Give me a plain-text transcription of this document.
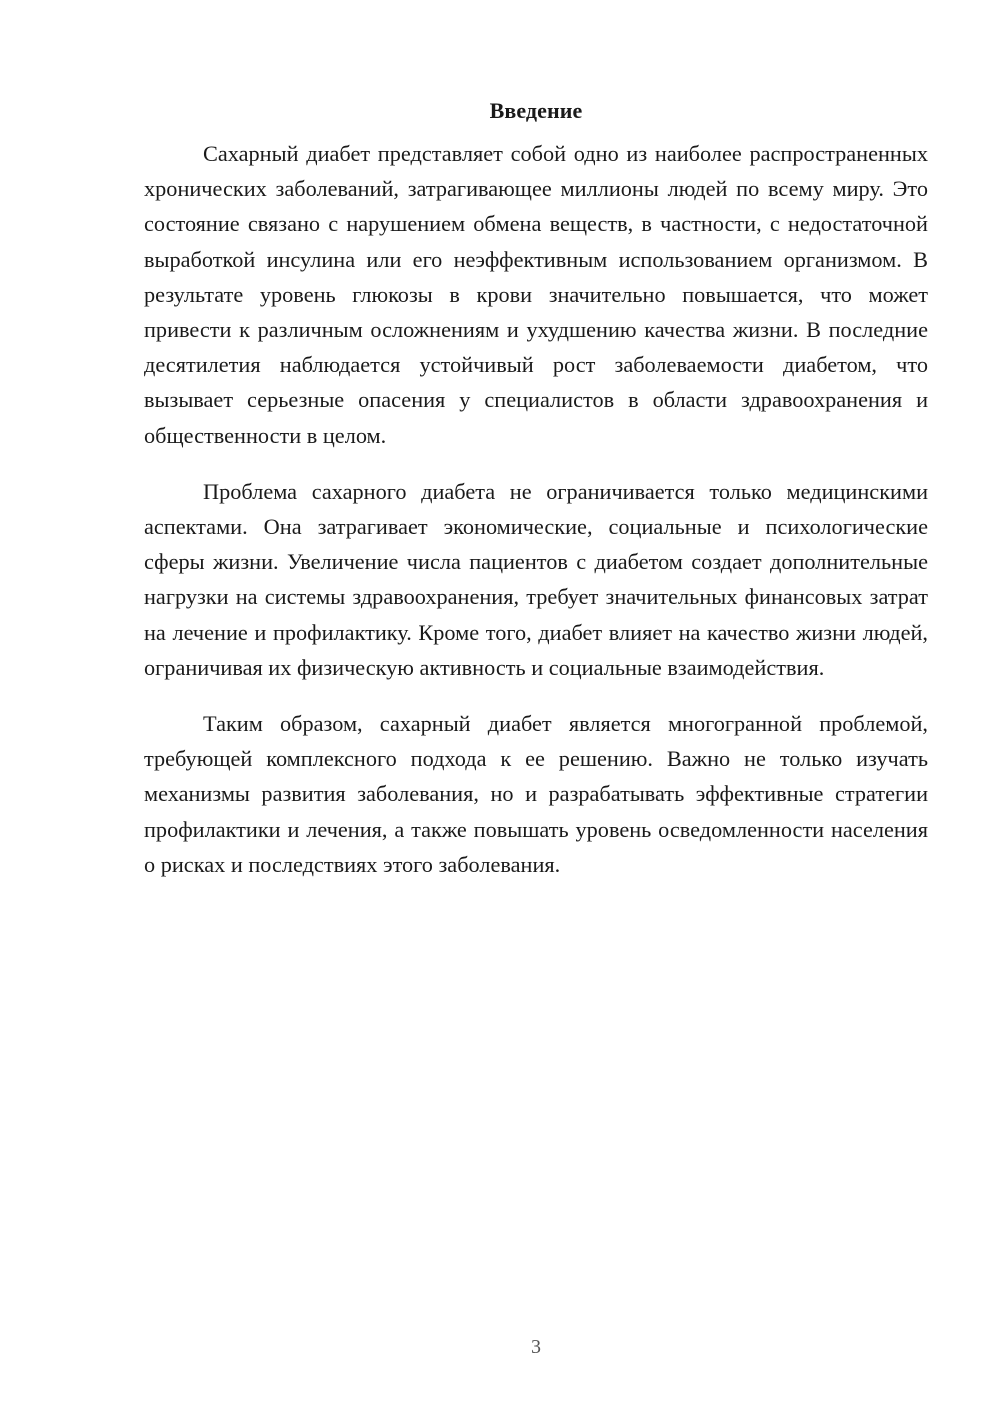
Введение

Сахарный диабет представляет собой одно из наиболее распространенных хронических заболеваний, затрагивающее миллионы людей по всему миру. Это состояние связано с нарушением обмена веществ, в частности, с недостаточной выработкой инсулина или его неэффективным использованием организмом. В результате уровень глюкозы в крови значительно повышается, что может привести к различным осложнениям и ухудшению качества жизни. В последние десятилетия наблюдается устойчивый рост заболеваемости диабетом, что вызывает серьезные опасения у специалистов в области здравоохранения и общественности в целом.

Проблема сахарного диабета не ограничивается только медицинскими аспектами. Она затрагивает экономические, социальные и психологические сферы жизни. Увеличение числа пациентов с диабетом создает дополнительные нагрузки на системы здравоохранения, требует значительных финансовых затрат на лечение и профилактику. Кроме того, диабет влияет на качество жизни людей, ограничивая их физическую активность и социальные взаимодействия.

Таким образом, сахарный диабет является многогранной проблемой, требующей комплексного подхода к ее решению. Важно не только изучать механизмы развития заболевания, но и разрабатывать эффективные стратегии профилактики и лечения, а также повышать уровень осведомленности населения о рисках и последствиях этого заболевания.

3
